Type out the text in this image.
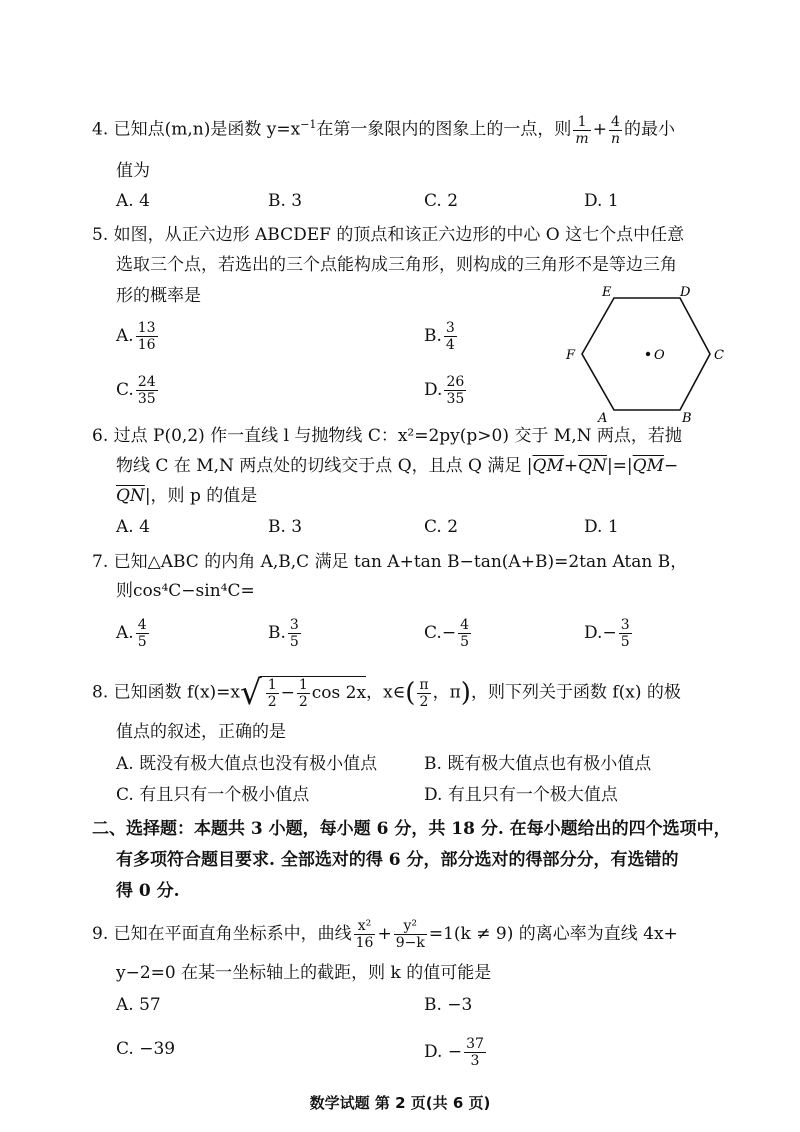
4. 已知点(m,n)是函数 $y=x^{-1}$在第一象限内的图象上的一点，则 $\frac{1}{m} + \frac{4}{n}$ 的最小
值为
A. 4	B. 3	C. 2	D. 1
5. 如图，从正六边形 ABCDEF 的顶点和该正六边形的中心 O 这七个点中任意
选取三个点，若选出的三个点能构成三角形，则构成的三角形不是等边三角
形的概率是
A. $\frac{13}{16}$	B. $\frac{3}{4}$
C. $\frac{24}{35}$	D. $\frac{26}{35}$
E	D
F	C
O
A	B
6. 过点 P(0,2) 作一直线 l 与抛物线 C：x²=2py(p>0) 交于 M,N 两点，若抛
物线 C 在 M,N 两点处的切线交于点 Q，且点 Q 满足 $|\overline{QM}+\overline{QN}|=|\overline{QM}-$
$\overline{QN}|$，则 p 的值是
A. 4	B. 3	C. 2	D. 1
7. 已知△ABC 的内角 A,B,C 满足 tan A+tan B−tan(A+B)=2tan Atan B，
则cos⁴C−sin⁴C=
A. $\frac{4}{5}$	B. $\frac{3}{5}$	$C.- \frac{4}{5}$	$D.- \frac{3}{5}$
8. 已知函数 $f(x)=x√ \frac{1}{2} - \frac{1}{2}$ cos 2x，x∈( $\frac{\pi}{2}$ ，π)，则下列关于函数 f(x) 的极
值点的叙述，正确的是
A. 既没有极大值点也没有极小值点	B. 既有极大值点也有极小值点
C. 有且只有一个极小值点	D. 有且只有一个极大值点
二、选择题：本题共 3 小题，每小题 6 分，共 18 分. 在每小题给出的四个选项中，
有多项符合题目要求. 全部选对的得 6 分，部分选对的得部分分，有选错的
得 0 分.
9. 已知在平面直角坐标系中，曲线 $\frac{\text{x²}}{16} + \frac{\text{y²}}{9-k} =1(k \ne 9)$ 的离心率为直线 4x+
y−2=0 在某一坐标轴上的截距，则 k 的值可能是
A. 57	B. −3
C. −39	D. − $\frac{37}{3}$
数学试题 第 2 页(共 6 页)
